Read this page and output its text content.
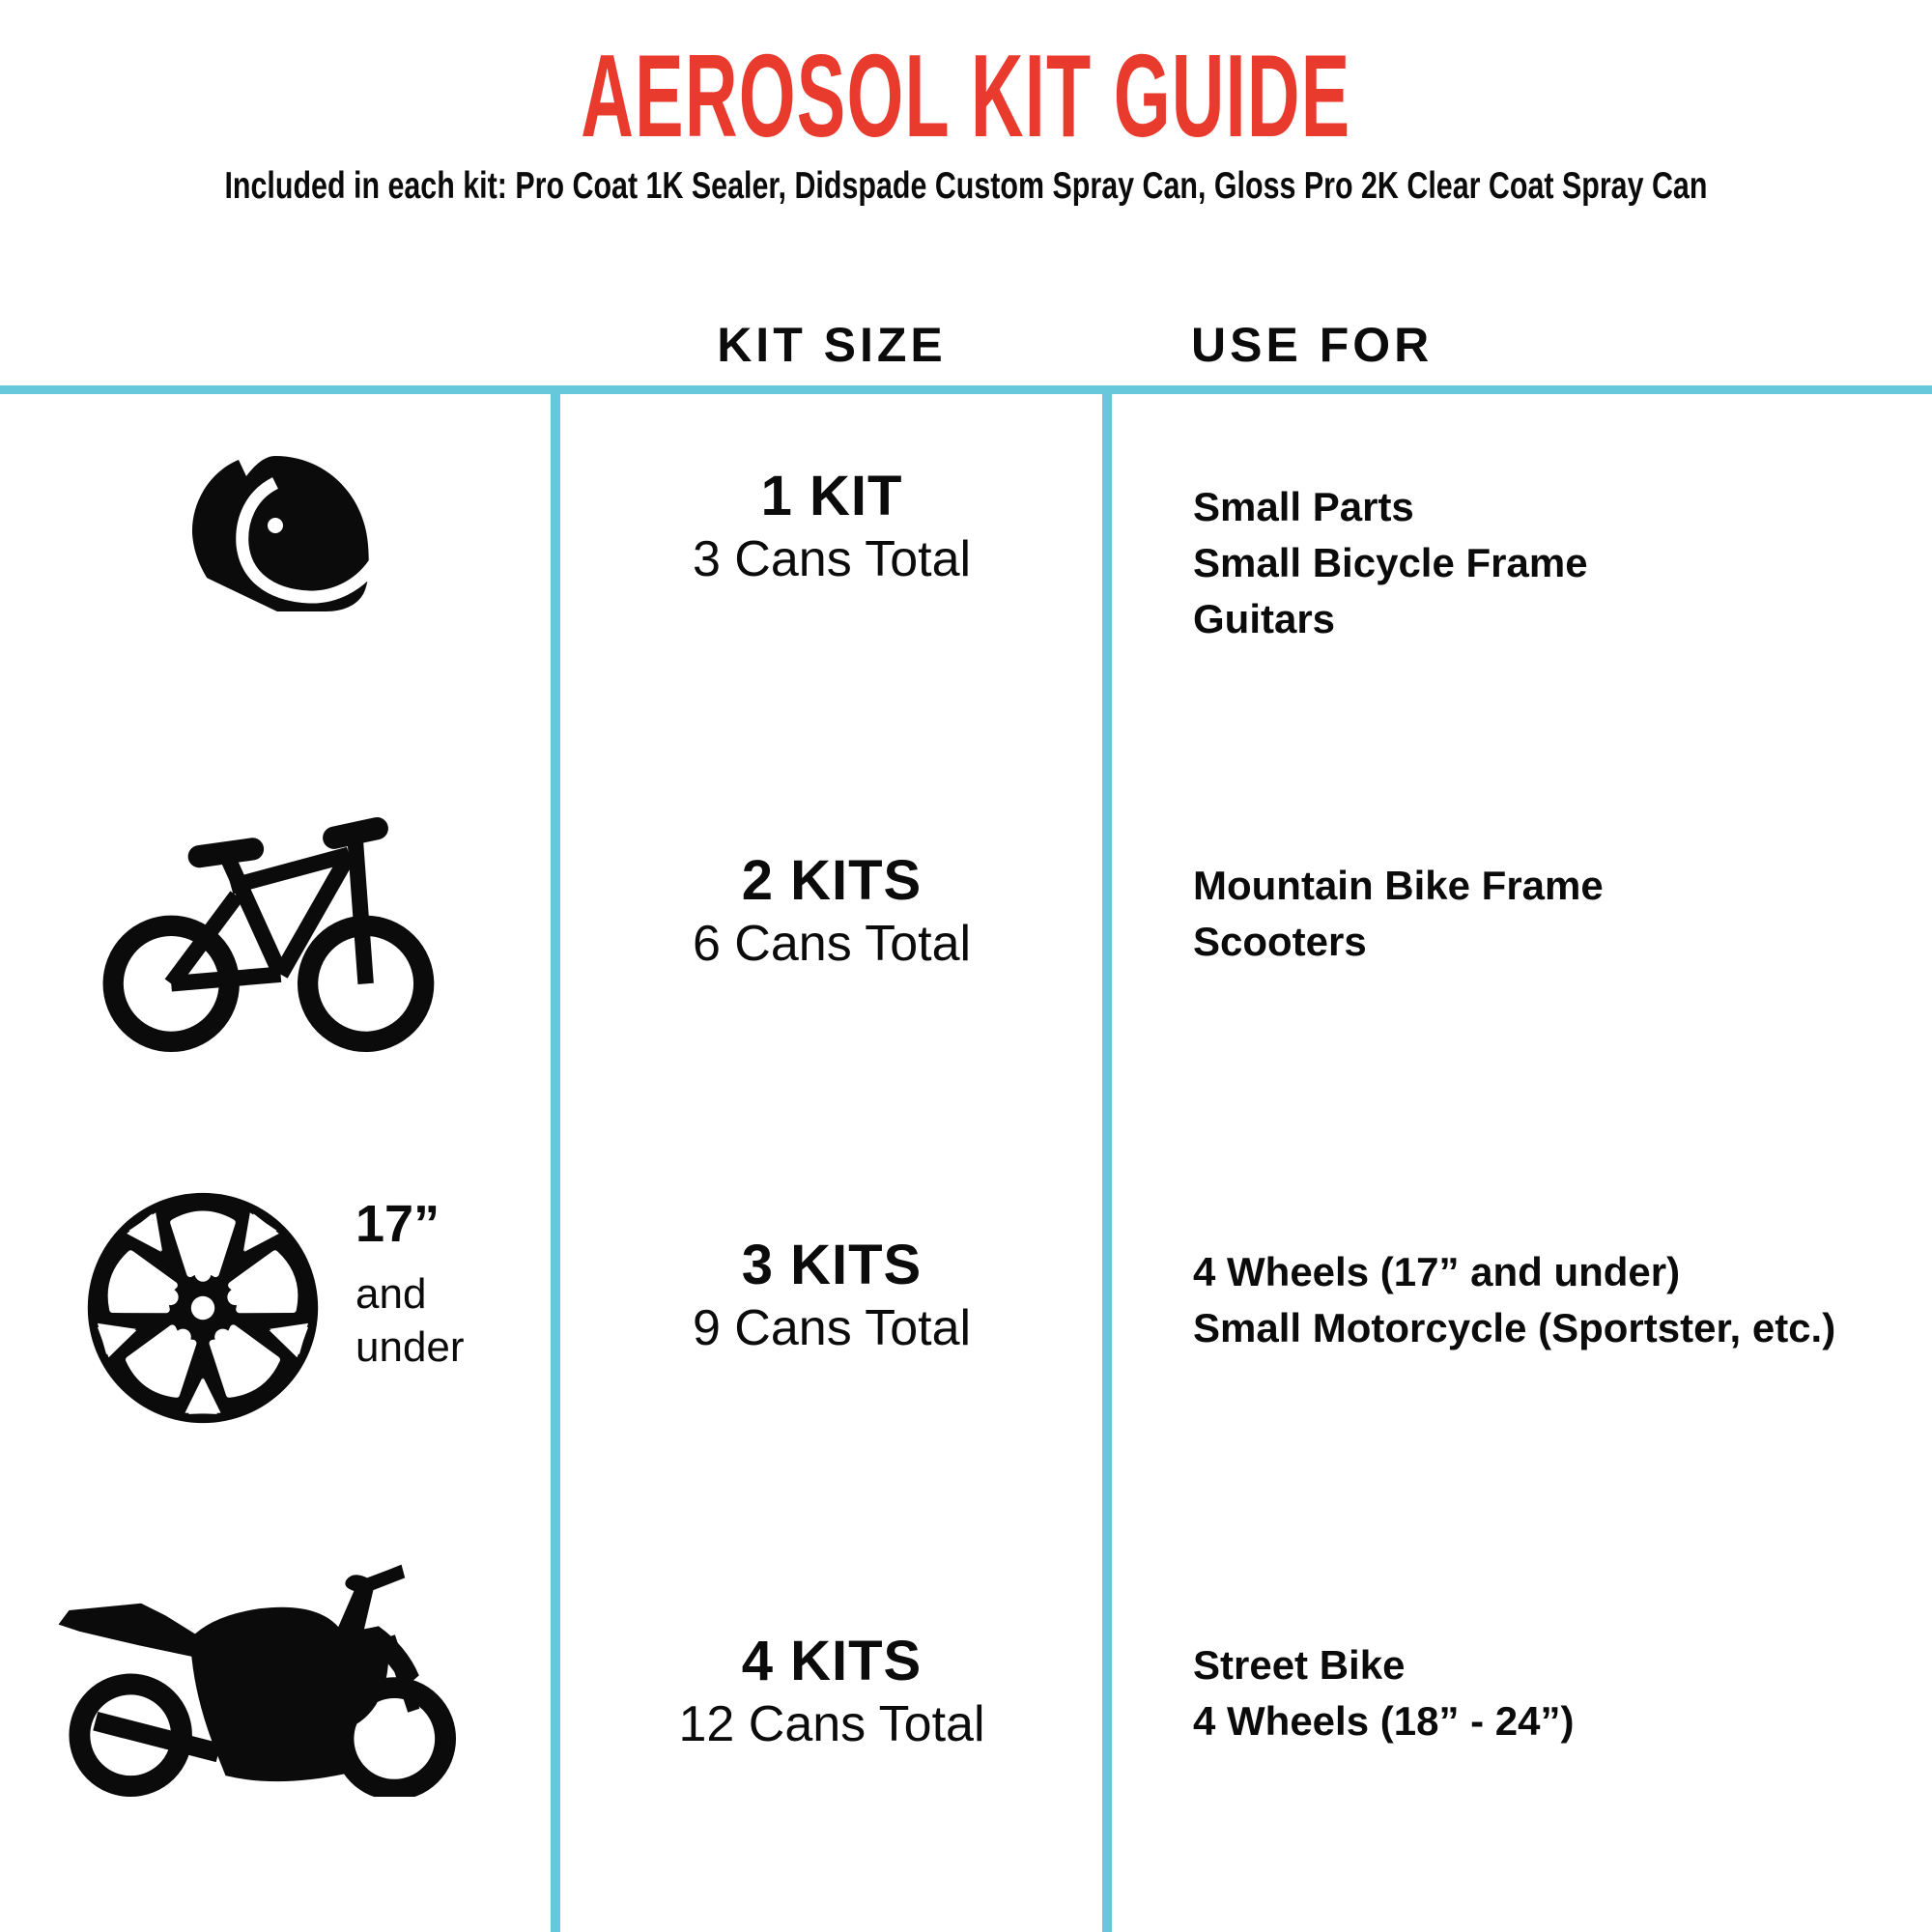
AEROSOL KIT GUIDE
Included in each kit: Pro Coat 1K Sealer, Didspade Custom Spray Can, Gloss Pro 2K Clear Coat Spray Can
KIT SIZE	USE FOR
1 KIT
3 Cans Total
Small Parts
Small Bicycle Frame
Guitars
2 KITS
6 Cans Total
Mountain Bike Frame
Scooters
17”
and
under
3 KITS
9 Cans Total
4 Wheels (17” and under)
Small Motorcycle (Sportster, etc.)
4 KITS
12 Cans Total
Street Bike
4 Wheels (18” - 24”)
